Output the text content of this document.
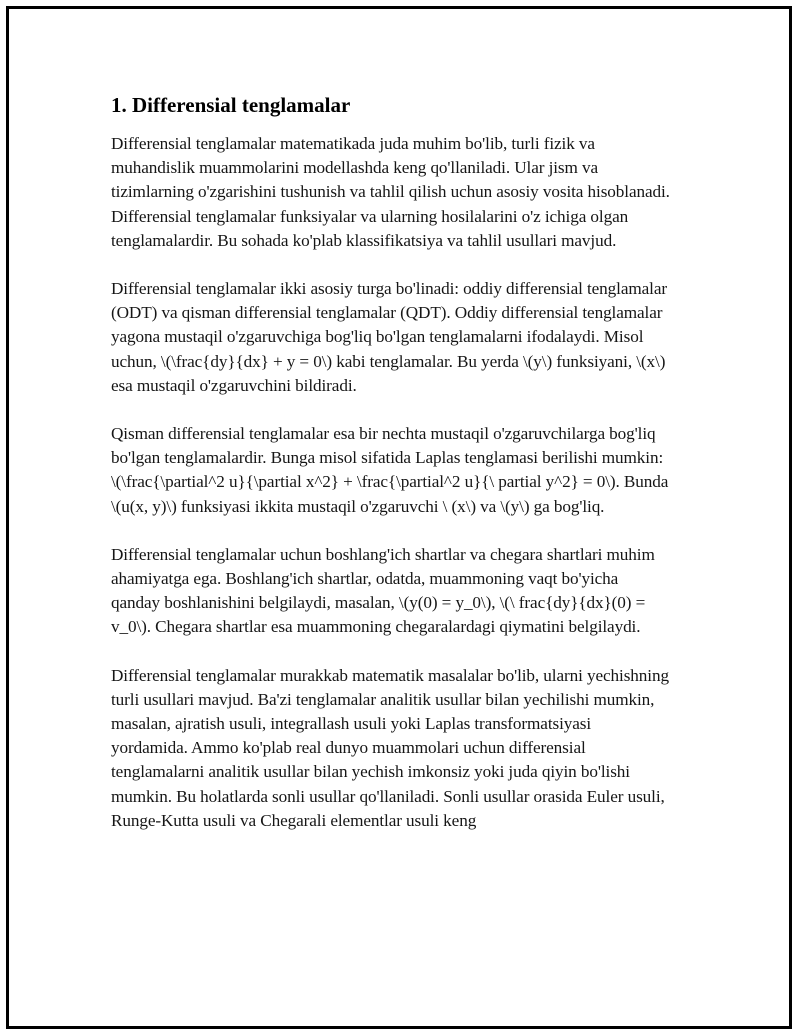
1. Differensial tenglamalar

Differensial tenglamalar matematikada juda muhim bo'lib, turli fizik va muhandislik muammolarini modellashda keng qo'llaniladi. Ular jism va tizimlarning o'zgarishini tushunish va tahlil qilish uchun asosiy vosita hisoblanadi. Differensial tenglamalar funksiyalar va ularning hosilalarini o'z ichiga olgan tenglamalardir. Bu sohada ko'plab klassifikatsiya va tahlil usullari mavjud.

Differensial tenglamalar ikki asosiy turga bo'linadi: oddiy differensial tenglamalar (ODT) va qisman differensial tenglamalar (QDT). Oddiy differensial tenglamalar yagona mustaqil o'zgaruvchiga bog'liq bo'lgan tenglamalarni ifodalaydi. Misol uchun, \(\frac{dy}{dx} + y = 0\) kabi tenglamalar. Bu yerda \(y\) funksiyani, \(x\) esa mustaqil o'zgaruvchini bildiradi.

Qisman differensial tenglamalar esa bir nechta mustaqil o'zgaruvchilarga bog'liq bo'lgan tenglamalardir. Bunga misol sifatida Laplas tenglamasi berilishi mumkin: \(\frac{\partial^2 u}{\partial x^2} + \frac{\partial^2 u}{\ partial y^2} = 0\). Bunda \(u(x, y)\) funksiyasi ikkita mustaqil o'zgaruvchi \ (x\) va \(y\) ga bog'liq.

Differensial tenglamalar uchun boshlang'ich shartlar va chegara shartlari muhim ahamiyatga ega. Boshlang'ich shartlar, odatda, muammoning vaqt bo'yicha qanday boshlanishini belgilaydi, masalan, \(y(0) = y_0\), \(\ frac{dy}{dx}(0) = v_0\). Chegara shartlar esa muammoning chegaralardagi qiymatini belgilaydi.

Differensial tenglamalar murakkab matematik masalalar bo'lib, ularni yechishning turli usullari mavjud. Ba'zi tenglamalar analitik usullar bilan yechilishi mumkin, masalan, ajratish usuli, integrallash usuli yoki Laplas transformatsiyasi yordamida. Ammo ko'plab real dunyo muammolari uchun differensial tenglamalarni analitik usullar bilan yechish imkonsiz yoki juda qiyin bo'lishi mumkin. Bu holatlarda sonli usullar qo'llaniladi. Sonli usullar orasida Euler usuli, Runge-Kutta usuli va Chegarali elementlar usuli keng
